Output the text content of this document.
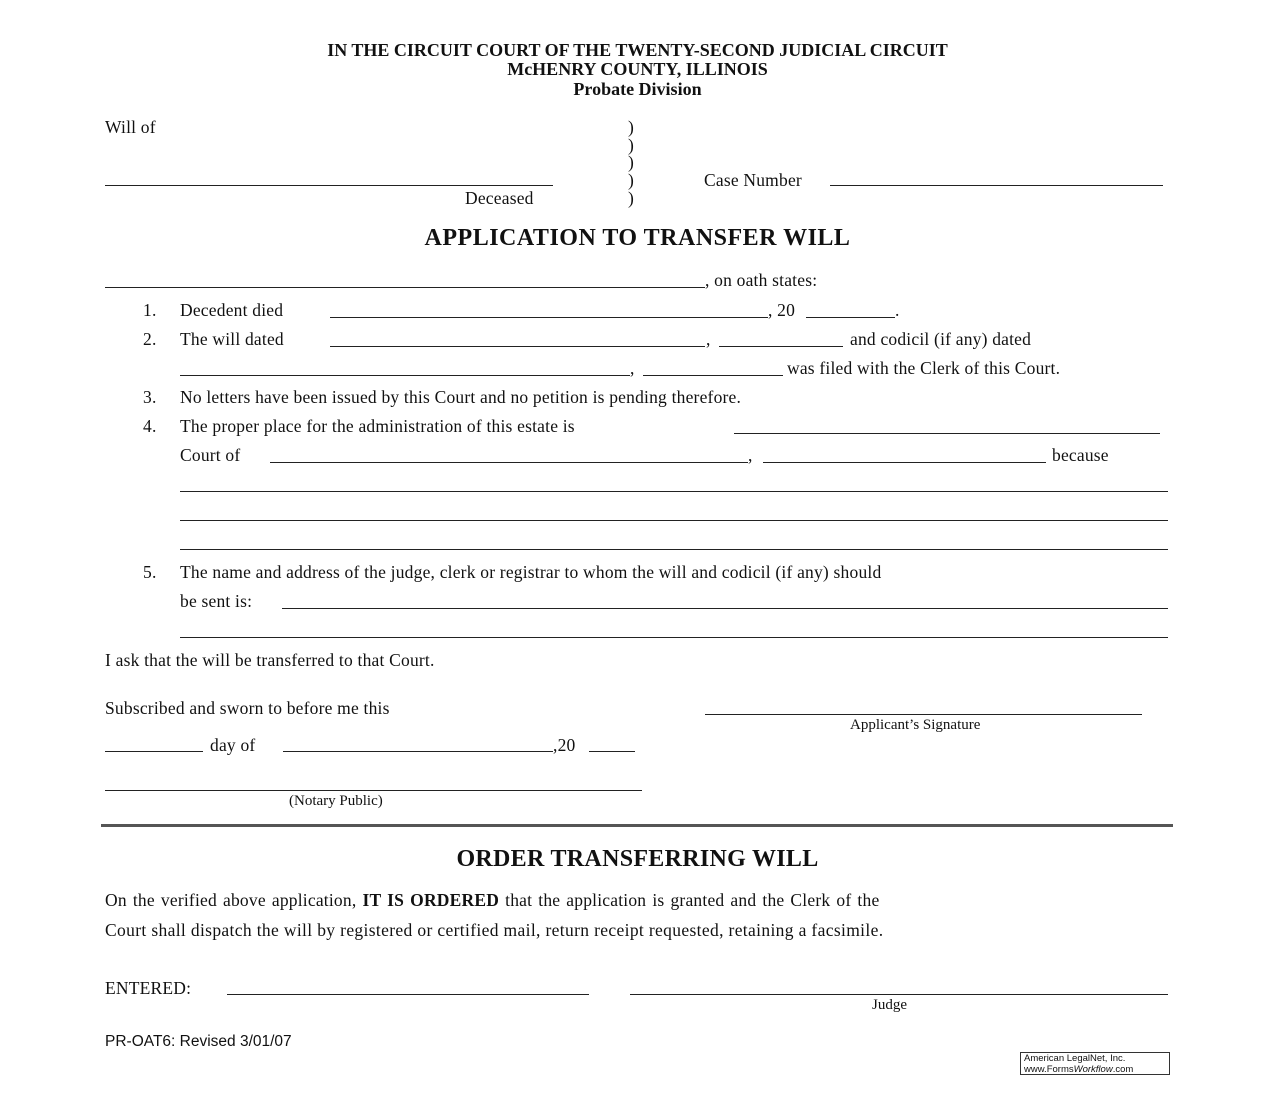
IN THE CIRCUIT COURT OF THE TWENTY-SECOND JUDICIAL CIRCUIT
McHENRY COUNTY, ILLINOIS
Probate Division
Will of
Deceased
)
)
)
)
)
Case Number
APPLICATION TO TRANSFER WILL
, on oath states:
1. Decedent died	, 20	.
2. The will dated	,	and codicil (if any) dated
,	was filed with the Clerk of this Court.
3. No letters have been issued by this Court and no petition is pending therefore.
4. The proper place for the administration of this estate is
Court of	,	because
5. The name and address of the judge, clerk or registrar to whom the will and codicil (if any) should
be sent is:
I ask that the will be transferred to that Court.
Subscribed and sworn to before me this
Applicant’s Signature
day of	,20
(Notary Public)
ORDER TRANSFERRING WILL
On the verified above application, IT IS ORDERED that the application is granted and the Clerk of the
Court shall dispatch the will by registered or certified mail, return receipt requested, retaining a facsimile.
ENTERED:
Judge
PR-OAT6: Revised 3/01/07
American LegalNet, Inc.
www.FormsWorkflow.com
